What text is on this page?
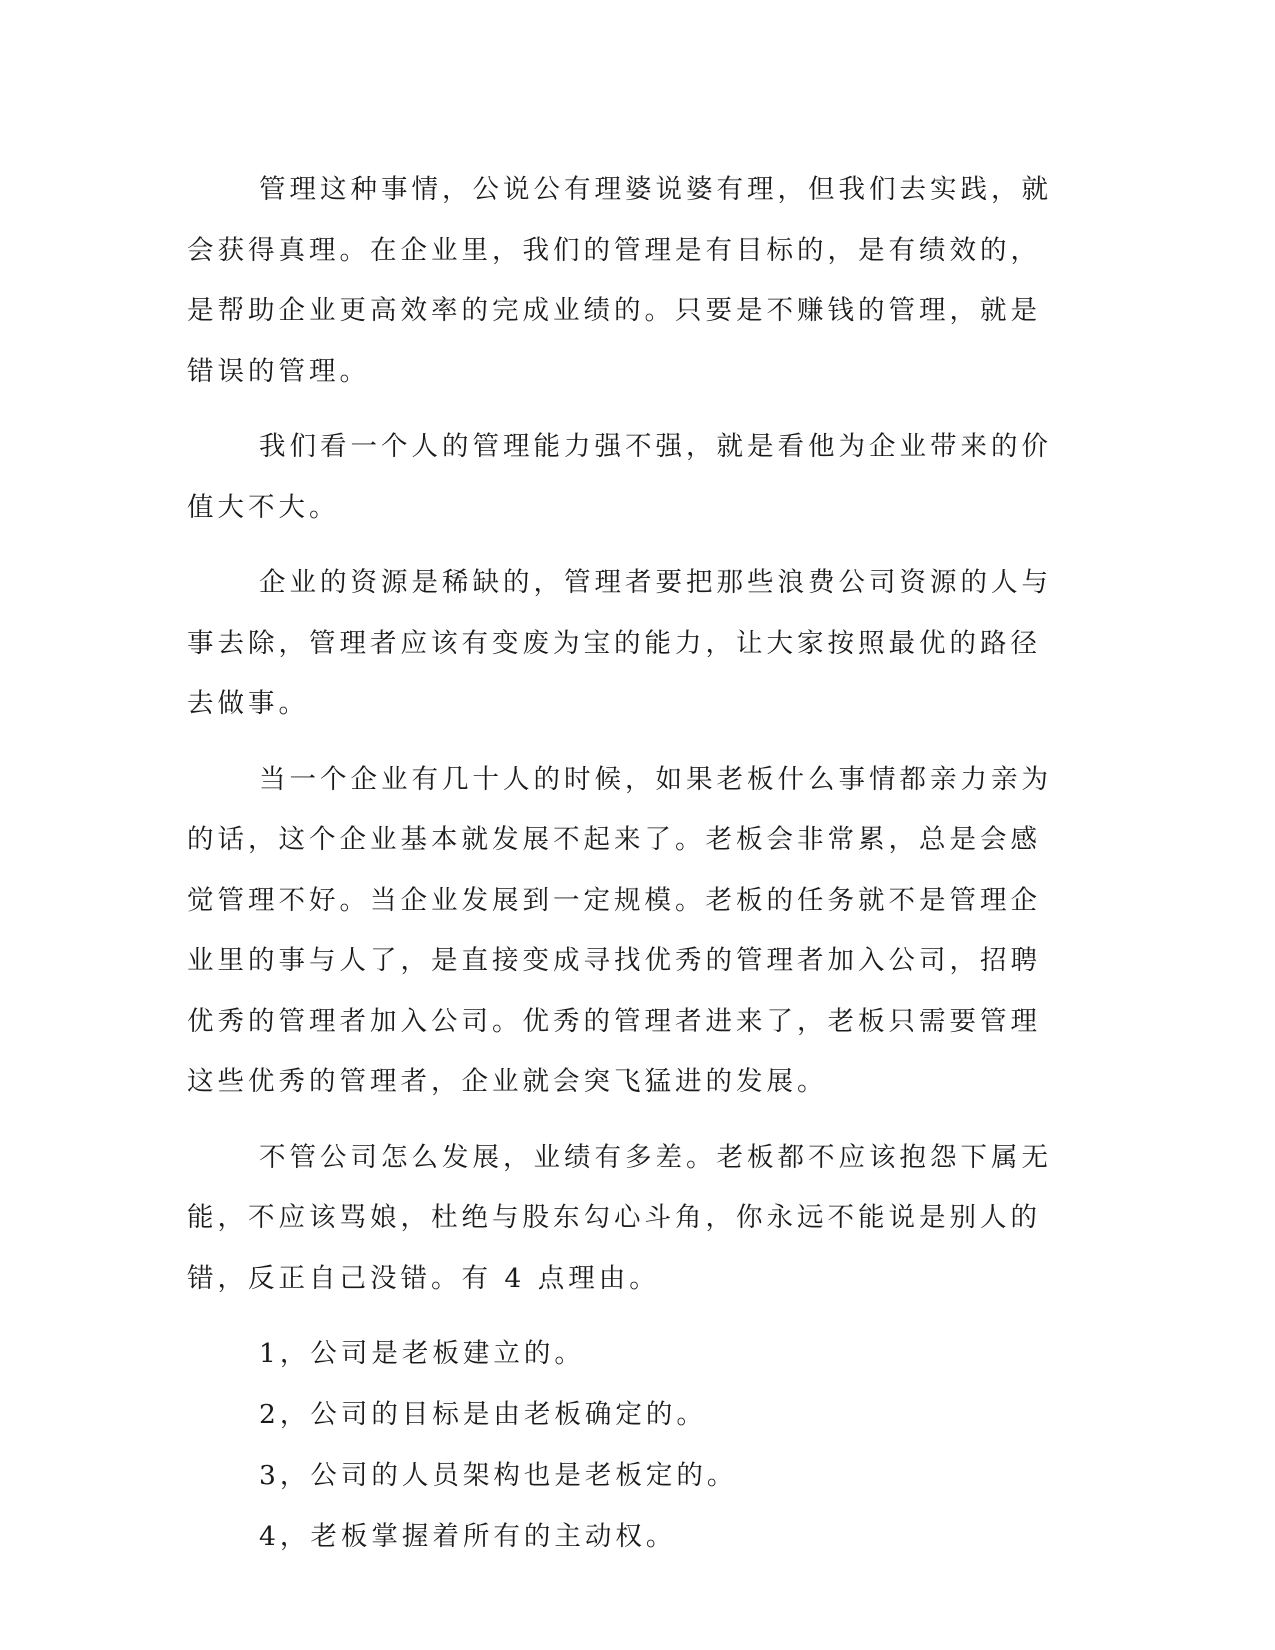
管理这种事情，公说公有理婆说婆有理，但我们去实践，就会获得真理。在企业里，我们的管理是有目标的，是有绩效的，是帮助企业更高效率的完成业绩的。只要是不赚钱的管理，就是错误的管理。

我们看一个人的管理能力强不强，就是看他为企业带来的价值大不大。

企业的资源是稀缺的，管理者要把那些浪费公司资源的人与事去除，管理者应该有变废为宝的能力，让大家按照最优的路径去做事。

当一个企业有几十人的时候，如果老板什么事情都亲力亲为的话，这个企业基本就发展不起来了。老板会非常累，总是会感觉管理不好。当企业发展到一定规模。老板的任务就不是管理企业里的事与人了，是直接变成寻找优秀的管理者加入公司，招聘优秀的管理者加入公司。优秀的管理者进来了，老板只需要管理这些优秀的管理者，企业就会突飞猛进的发展。

不管公司怎么发展，业绩有多差。老板都不应该抱怨下属无能，不应该骂娘，杜绝与股东勾心斗角，你永远不能说是别人的错，反正自己没错。有 4 点理由。

1，公司是老板建立的。

2，公司的目标是由老板确定的。

3，公司的人员架构也是老板定的。

4，老板掌握着所有的主动权。
